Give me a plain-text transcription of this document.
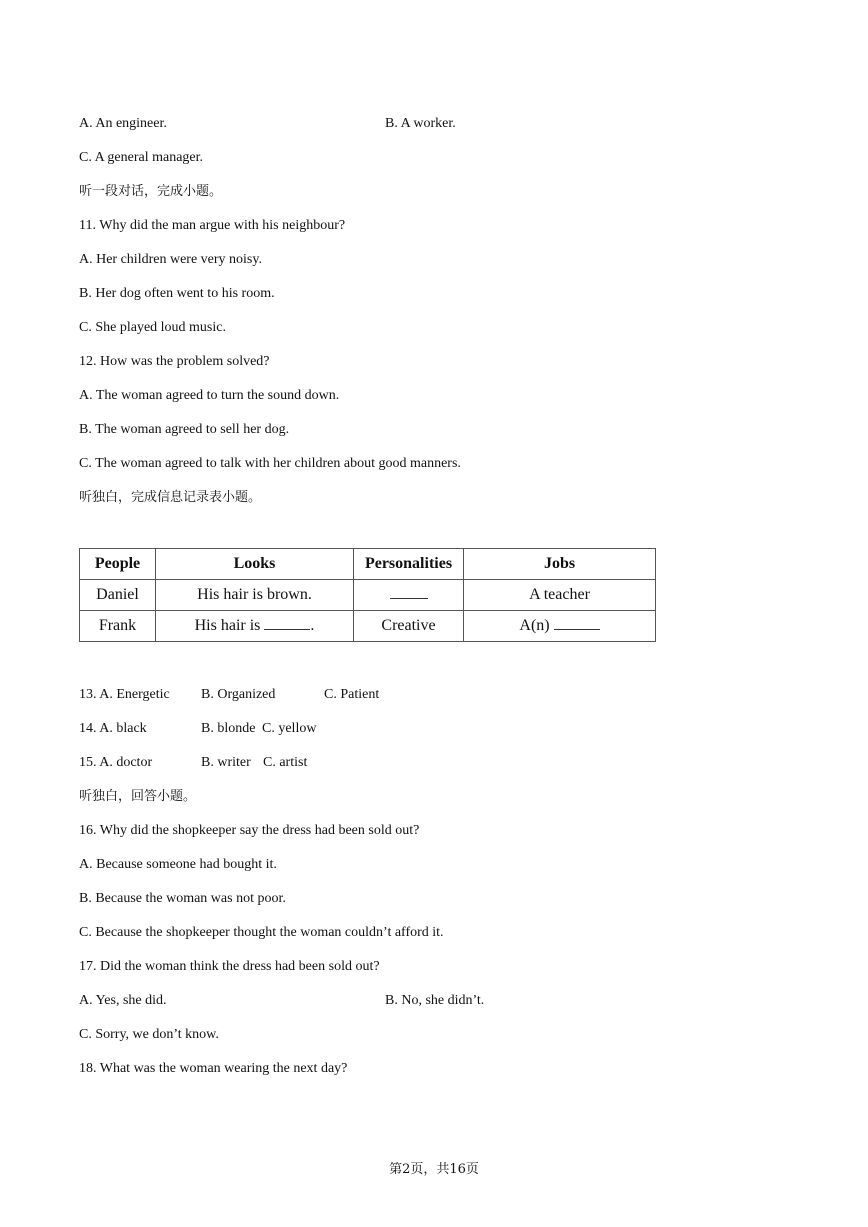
A. An engineer.	B. A worker.
C. A general manager.
听一段对话，完成小题。
11. Why did the man argue with his neighbour?
A. Her children were very noisy.
B. Her dog often went to his room.
C. She played loud music.
12. How was the problem solved?
A. The woman agreed to turn the sound down.
B. The woman agreed to sell her dog.
C. The woman agreed to talk with her children about good manners.
听独白，完成信息记录表小题。
People	Looks	Personalities	Jobs
Daniel	His hair is brown.		A teacher
Frank	His hair is .	Creative	A(n)
13. A. Energetic B. Organized	C. Patient
14. A. black	B. blonde C. yellow
15. A. doctor	B. writer C. artist
听独白，回答小题。
16. Why did the shopkeeper say the dress had been sold out?
A. Because someone had bought it.
B. Because the woman was not poor.
C. Because the shopkeeper thought the woman couldn’t afford it.
17. Did the woman think the dress had been sold out?
A. Yes, she did.	B. No, she didn’t.
C. Sorry, we don’t know.
18. What was the woman wearing the next day?
第2页，共16页
